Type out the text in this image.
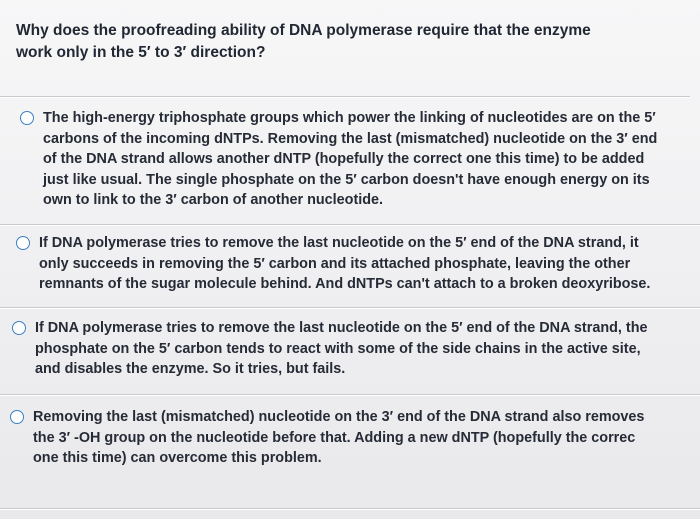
Why does the proofreading ability of DNA polymerase require that the enzyme
work only in the 5′ to 3′ direction?
The high-energy triphosphate groups which power the linking of nucleotides are on the 5′
carbons of the incoming dNTPs. Removing the last (mismatched) nucleotide on the 3′ end
of the DNA strand allows another dNTP (hopefully the correct one this time) to be added
just like usual. The single phosphate on the 5′ carbon doesn't have enough energy on its
own to link to the 3′ carbon of another nucleotide.
If DNA polymerase tries to remove the last nucleotide on the 5′ end of the DNA strand, it
only succeeds in removing the 5′ carbon and its attached phosphate, leaving the other
remnants of the sugar molecule behind. And dNTPs can't attach to a broken deoxyribose.
If DNA polymerase tries to remove the last nucleotide on the 5′ end of the DNA strand, the
phosphate on the 5′ carbon tends to react with some of the side chains in the active site,
and disables the enzyme. So it tries, but fails.
Removing the last (mismatched) nucleotide on the 3′ end of the DNA strand also removes
the 3′ -OH group on the nucleotide before that. Adding a new dNTP (hopefully the correc
one this time) can overcome this problem.
